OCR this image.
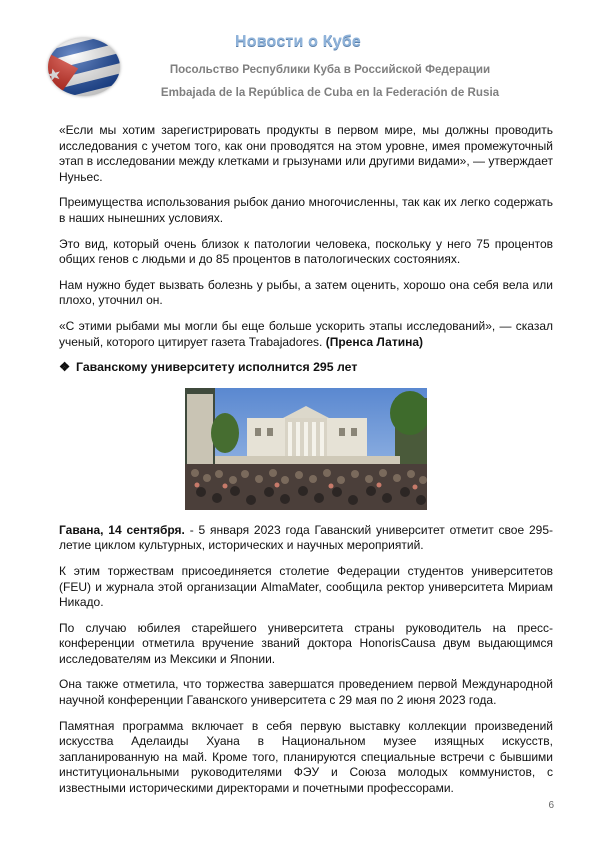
Новости о Кубе
Посольство Республики Куба в Российской Федерации
Embajada de la República de Cuba en la Federación de Rusia

«Если мы хотим зарегистрировать продукты в первом мире, мы должны проводить исследования с учетом того, как они проводятся на этом уровне, имея промежуточный этап в исследовании между клетками и грызунами или другими видами», — утверждает Нуньес.

Преимущества использования рыбок данио многочисленны, так как их легко содержать в наших нынешних условиях.

Это вид, который очень близок к патологии человека, поскольку у него 75 процентов общих генов с людьми и до 85 процентов в патологических состояниях.

Нам нужно будет вызвать болезнь у рыбы, а затем оценить, хорошо она себя вела или плохо, уточнил он.

«С этими рыбами мы могли бы еще больше ускорить этапы исследований», — сказал ученый, которого цитирует газета Trabajadores. (Пренса Латина)

❖ Гаванскому университету исполнится 295 лет

Гавана, 14 сентября. - 5 января 2023 года Гаванский университет отметит свое 295-летие циклом культурных, исторических и научных мероприятий.

К этим торжествам присоединяется столетие Федерации студентов университетов (FEU) и журнала этой организации AlmaMater, сообщила ректор университета Мириам Никадо.

По случаю юбилея старейшего университета страны руководитель на пресс-конференции отметила вручение званий доктора HonorisCausa двум выдающимся исследователям из Мексики и Японии.

Она также отметила, что торжества завершатся проведением первой Международной научной конференции Гаванского университета с 29 мая по 2 июня 2023 года.

Памятная программа включает в себя первую выставку коллекции произведений искусства Аделаиды Хуана в Национальном музее изящных искусств, запланированную на май. Кроме того, планируются специальные встречи с бывшими институциональными руководителями ФЭУ и Союза молодых коммунистов, с известными историческими директорами и почетными профессорами.

6
